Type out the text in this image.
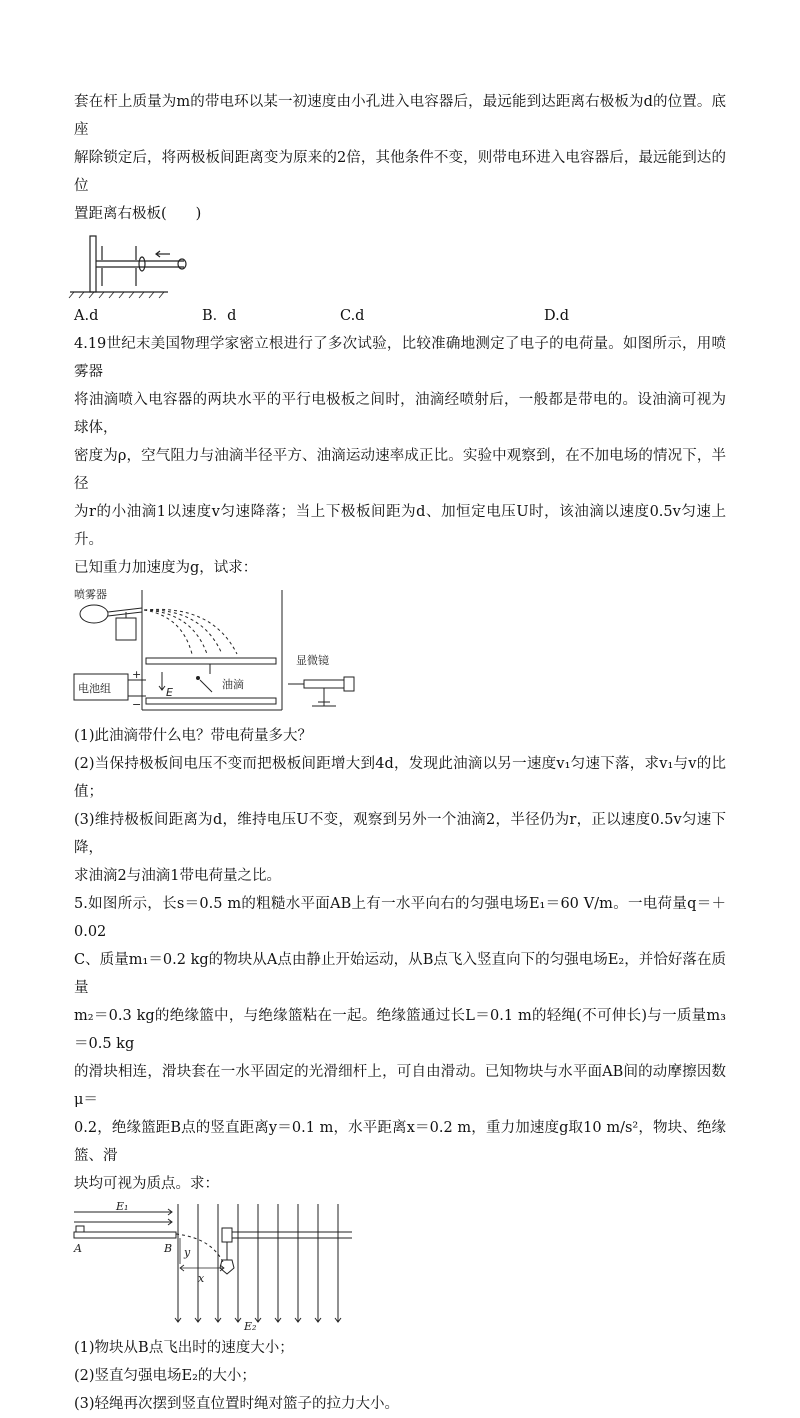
套在杆上质量为m的带电环以某一初速度由小孔进入电容器后，最远能到达距离右极板为d的位置。底座

解除锁定后，将两极板间距离变为原来的2倍，其他条件不变，则带电环进入电容器后，最远能到达的位

置距离右极板(　　)

A.d	B．d	C.d	D.d

4.19世纪末美国物理学家密立根进行了多次试验，比较准确地测定了电子的电荷量。如图所示，用喷雾器

将油滴喷入电容器的两块水平的平行电极板之间时，油滴经喷射后，一般都是带电的。设油滴可视为球体，

密度为ρ，空气阻力与油滴半径平方、油滴运动速率成正比。实验中观察到，在不加电场的情况下，半径

为r的小油滴1以速度v匀速降落；当上下极板间距为d、加恒定电压U时，该油滴以速度0.5v匀速上升。

已知重力加速度为g，试求：

喷雾器
电池组
显微镜
油滴
E
+
−

(1)此油滴带什么电？带电荷量多大？

(2)当保持极板间电压不变而把极板间距增大到4d，发现此油滴以另一速度v₁匀速下落，求v₁与v的比值；

(3)维持极板间距离为d，维持电压U不变，观察到另外一个油滴2，半径仍为r，正以速度0.5v匀速下降，

求油滴2与油滴1带电荷量之比。

5.如图所示，长s＝0.5 m的粗糙水平面AB上有一水平向右的匀强电场E₁＝60 V/m。一电荷量q＝＋0.02

C、质量m₁＝0.2 kg的物块从A点由静止开始运动，从B点飞入竖直向下的匀强电场E₂，并恰好落在质量

m₂＝0.3 kg的绝缘篮中，与绝缘篮粘在一起。绝缘篮通过长L＝0.1 m的轻绳(不可伸长)与一质量m₃＝0.5 kg

的滑块相连，滑块套在一水平固定的光滑细杆上，可自由滑动。已知物块与水平面AB间的动摩擦因数μ＝

0.2，绝缘篮距B点的竖直距离y＝0.1 m，水平距离x＝0.2 m，重力加速度g取10 m/s²，物块、绝缘篮、滑

块均可视为质点。求：

E₁
A	B y
x
E₂

(1)物块从B点飞出时的速度大小；

(2)竖直匀强电场E₂的大小；

(3)轻绳再次摆到竖直位置时绳对篮子的拉力大小。
